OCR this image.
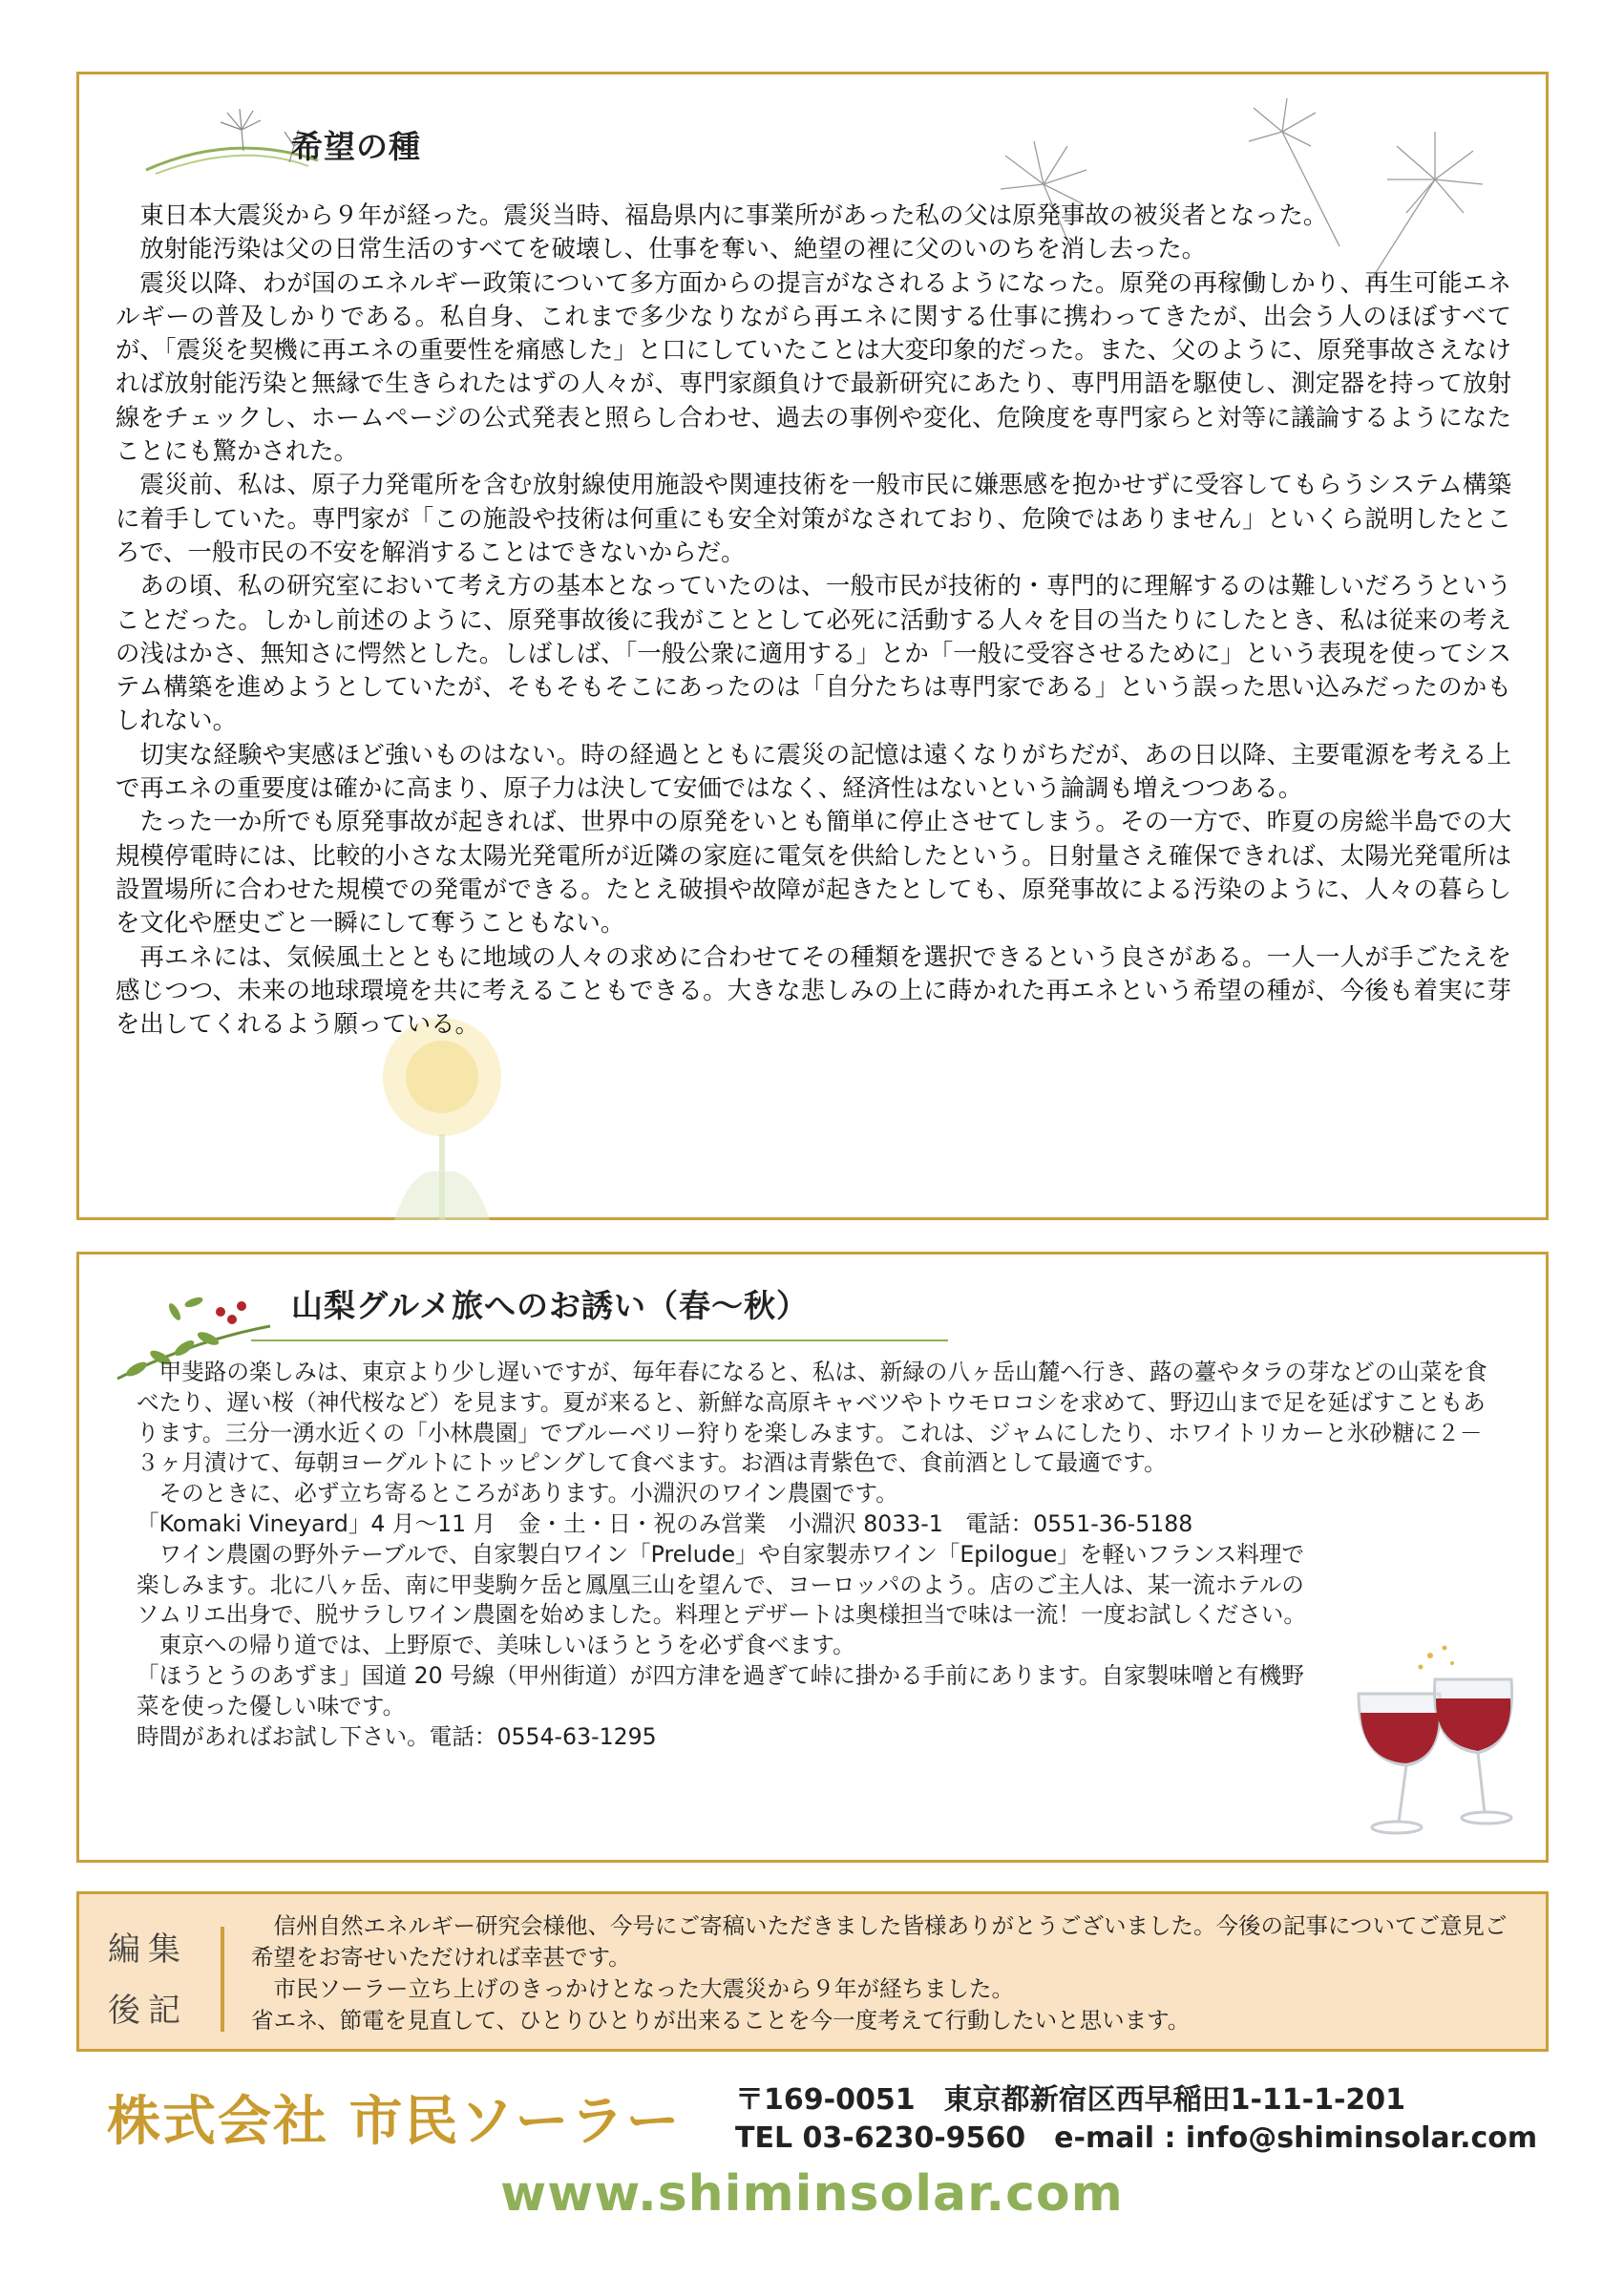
希望の種

東日本大震災から９年が経った。震災当時、福島県内に事業所があった私の父は原発事故の被災者となった。

放射能汚染は父の日常生活のすべてを破壊し、仕事を奪い、絶望の裡に父のいのちを消し去った。

震災以降、わが国のエネルギー政策について多方面からの提言がなされるようになった。原発の再稼働しかり、再生可能エネルギーの普及しかりである。私自身、これまで多少なりながら再エネに関する仕事に携わってきたが、出会う人のほぼすべてが、「震災を契機に再エネの重要性を痛感した」と口にしていたことは大変印象的だった。また、父のように、原発事故さえなければ放射能汚染と無縁で生きられたはずの人々が、専門家顔負けで最新研究にあたり、専門用語を駆使し、測定器を持って放射線をチェックし、ホームページの公式発表と照らし合わせ、過去の事例や変化、危険度を専門家らと対等に議論するようになたことにも驚かされた。

震災前、私は、原子力発電所を含む放射線使用施設や関連技術を一般市民に嫌悪感を抱かせずに受容してもらうシステム構築に着手していた。専門家が「この施設や技術は何重にも安全対策がなされており、危険ではありません」といくら説明したところで、一般市民の不安を解消することはできないからだ。

あの頃、私の研究室において考え方の基本となっていたのは、一般市民が技術的・専門的に理解するのは難しいだろうということだった。しかし前述のように、原発事故後に我がこととして必死に活動する人々を目の当たりにしたとき、私は従来の考えの浅はかさ、無知さに愕然とした。しばしば、「一般公衆に適用する」とか「一般に受容させるために」という表現を使ってシステム構築を進めようとしていたが、そもそもそこにあったのは「自分たちは専門家である」という誤った思い込みだったのかもしれない。

切実な経験や実感ほど強いものはない。時の経過とともに震災の記憶は遠くなりがちだが、あの日以降、主要電源を考える上で再エネの重要度は確かに高まり、原子力は決して安価ではなく、経済性はないという論調も増えつつある。

たった一か所でも原発事故が起きれば、世界中の原発をいとも簡単に停止させてしまう。その一方で、昨夏の房総半島での大規模停電時には、比較的小さな太陽光発電所が近隣の家庭に電気を供給したという。日射量さえ確保できれば、太陽光発電所は設置場所に合わせた規模での発電ができる。たとえ破損や故障が起きたとしても、原発事故による汚染のように、人々の暮らしを文化や歴史ごと一瞬にして奪うこともない。

再エネには、気候風土とともに地域の人々の求めに合わせてその種類を選択できるという良さがある。一人一人が手ごたえを感じつつ、未来の地球環境を共に考えることもできる。大きな悲しみの上に蒔かれた再エネという希望の種が、今後も着実に芽を出してくれるよう願っている。

山梨グルメ旅へのお誘い（春～秋）

甲斐路の楽しみは、東京より少し遅いですが、毎年春になると、私は、新緑の八ヶ岳山麓へ行き、蕗の薹やタラの芽などの山菜を食べたり、遅い桜（神代桜など）を見ます。夏が来ると、新鮮な高原キャベツやトウモロコシを求めて、野辺山まで足を延ばすこともあります。三分一湧水近くの「小林農園」でブルーベリー狩りを楽しみます。これは、ジャムにしたり、ホワイトリカーと氷砂糖に２－３ヶ月漬けて、毎朝ヨーグルトにトッピングして食べます。お酒は青紫色で、食前酒として最適です。

そのときに、必ず立ち寄るところがあります。小淵沢のワイン農園です。

「Komaki Vineyard」4 月～11 月　金・土・日・祝のみ営業　小淵沢 8033-1　電話：0551-36-5188

ワイン農園の野外テーブルで、自家製白ワイン「Prelude」や自家製赤ワイン「Epilogue」を軽いフランス料理で楽しみます。北に八ヶ岳、南に甲斐駒ケ岳と鳳凰三山を望んで、ヨーロッパのよう。店のご主人は、某一流ホテルのソムリエ出身で、脱サラしワイン農園を始めました。料理とデザートは奥様担当で味は一流！一度お試しください。

東京への帰り道では、上野原で、美味しいほうとうを必ず食べます。

「ほうとうのあずま」国道 20 号線（甲州街道）が四方津を過ぎて峠に掛かる手前にあります。自家製味噌と有機野菜を使った優しい味です。

時間があればお試し下さい。電話：0554-63-1295

編集
後記

信州自然エネルギー研究会様他、今号にご寄稿いただきました皆様ありがとうございました。今後の記事についてご意見ご希望をお寄せいただければ幸甚です。

市民ソーラー立ち上げのきっかけとなった大震災から９年が経ちました。

省エネ、節電を見直して、ひとりひとりが出来ることを今一度考えて行動したいと思います。

株式会社 市民ソーラー 〒169-0051　東京都新宿区西早稲田1-11-1-201
TEL 03-6230-9560　e-mail : info@shiminsolar.com
www.shiminsolar.com
